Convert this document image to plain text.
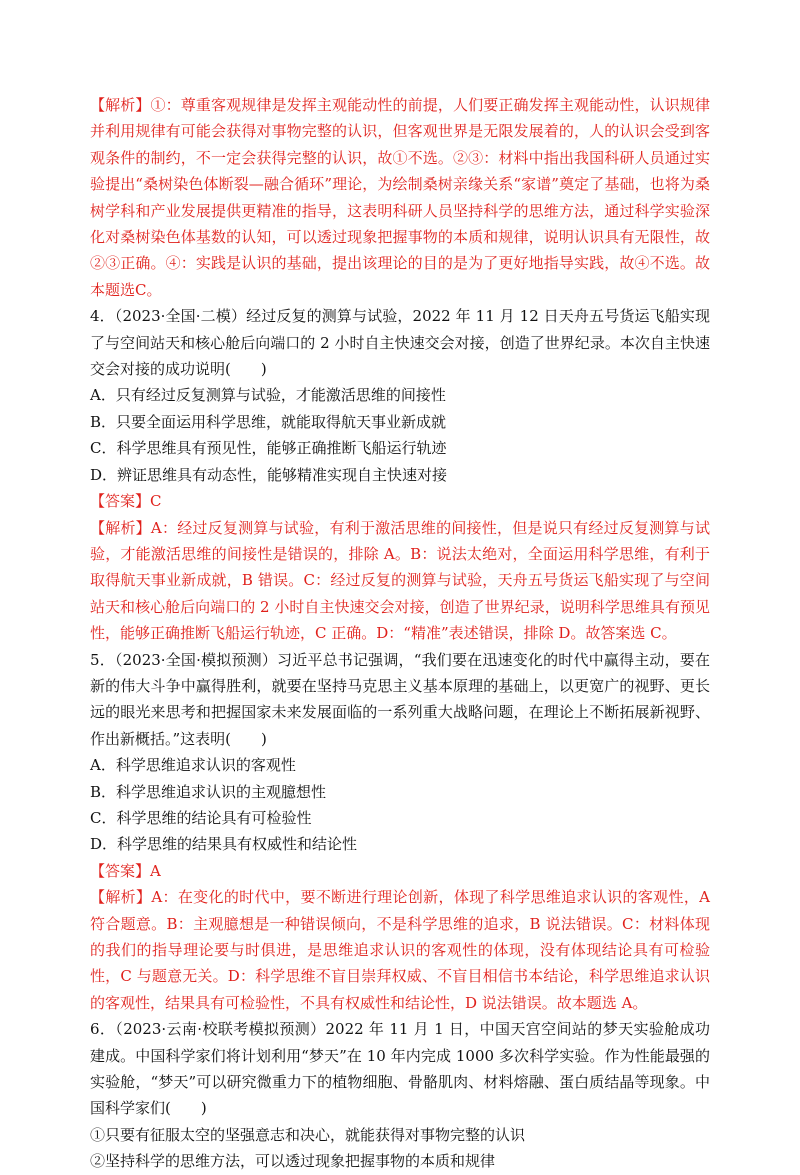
【解析】①：尊重客观规律是发挥主观能动性的前提，人们要正确发挥主观能动性，认识规律并利用规律有可能会获得对事物完整的认识，但客观世界是无限发展着的，人的认识会受到客观条件的制约，不一定会获得完整的认识，故①不选。②③：材料中指出我国科研人员通过实验提出“桑树染色体断裂—融合循环”理论，为绘制桑树亲缘关系“家谱”奠定了基础，也将为桑树学科和产业发展提供更精准的指导，这表明科研人员坚持科学的思维方法，通过科学实验深化对桑树染色体基数的认知，可以透过现象把握事物的本质和规律，说明认识具有无限性，故②③正确。④：实践是认识的基础，提出该理论的目的是为了更好地指导实践，故④不选。故本题选C。

4．（2023·全国·二模）经过反复的测算与试验，2022 年 11 月 12 日天舟五号货运飞船实现了与空间站天和核心舱后向端口的 2 小时自主快速交会对接，创造了世界纪录。本次自主快速交会对接的成功说明(　　)

A．只有经过反复测算与试验，才能激活思维的间接性

B．只要全面运用科学思维，就能取得航天事业新成就

C．科学思维具有预见性，能够正确推断飞船运行轨迹

D．辨证思维具有动态性，能够精准实现自主快速对接

【答案】C

【解析】A：经过反复测算与试验，有利于激活思维的间接性，但是说只有经过反复测算与试验，才能激活思维的间接性是错误的，排除 A。B：说法太绝对，全面运用科学思维，有利于取得航天事业新成就，B 错误。C：经过反复的测算与试验，天舟五号货运飞船实现了与空间站天和核心舱后向端口的 2 小时自主快速交会对接，创造了世界纪录，说明科学思维具有预见性，能够正确推断飞船运行轨迹，C 正确。D：“精准”表述错误，排除 D。故答案选 C。

5．（2023·全国·模拟预测）习近平总书记强调，“我们要在迅速变化的时代中赢得主动，要在新的伟大斗争中赢得胜利，就要在坚持马克思主义基本原理的基础上，以更宽广的视野、更长远的眼光来思考和把握国家未来发展面临的一系列重大战略问题，在理论上不断拓展新视野、作出新概括。”这表明(　　)

A．科学思维追求认识的客观性

B．科学思维追求认识的主观臆想性

C．科学思维的结论具有可检验性

D．科学思维的结果具有权威性和结论性

【答案】A

【解析】A：在变化的时代中，要不断进行理论创新，体现了科学思维追求认识的客观性，A 符合题意。B：主观臆想是一种错误倾向，不是科学思维的追求，B 说法错误。C：材料体现的我们的指导理论要与时俱进，是思维追求认识的客观性的体现，没有体现结论具有可检验性，C 与题意无关。D：科学思维不盲目崇拜权威、不盲目相信书本结论，科学思维追求认识的客观性，结果具有可检验性，不具有权威性和结论性，D 说法错误。故本题选 A。

6．（2023·云南·校联考模拟预测）2022 年 11 月 1 日，中国天宫空间站的梦天实验舱成功建成。中国科学家们将计划利用“梦天”在 10 年内完成 1000 多次科学实验。作为性能最强的实验舱，“梦天”可以研究微重力下的植物细胞、骨骼肌肉、材料熔融、蛋白质结晶等现象。中国科学家们(　　)

①只要有征服太空的坚强意志和决心，就能获得对事物完整的认识

②坚持科学的思维方法，可以透过现象把握事物的本质和规律
